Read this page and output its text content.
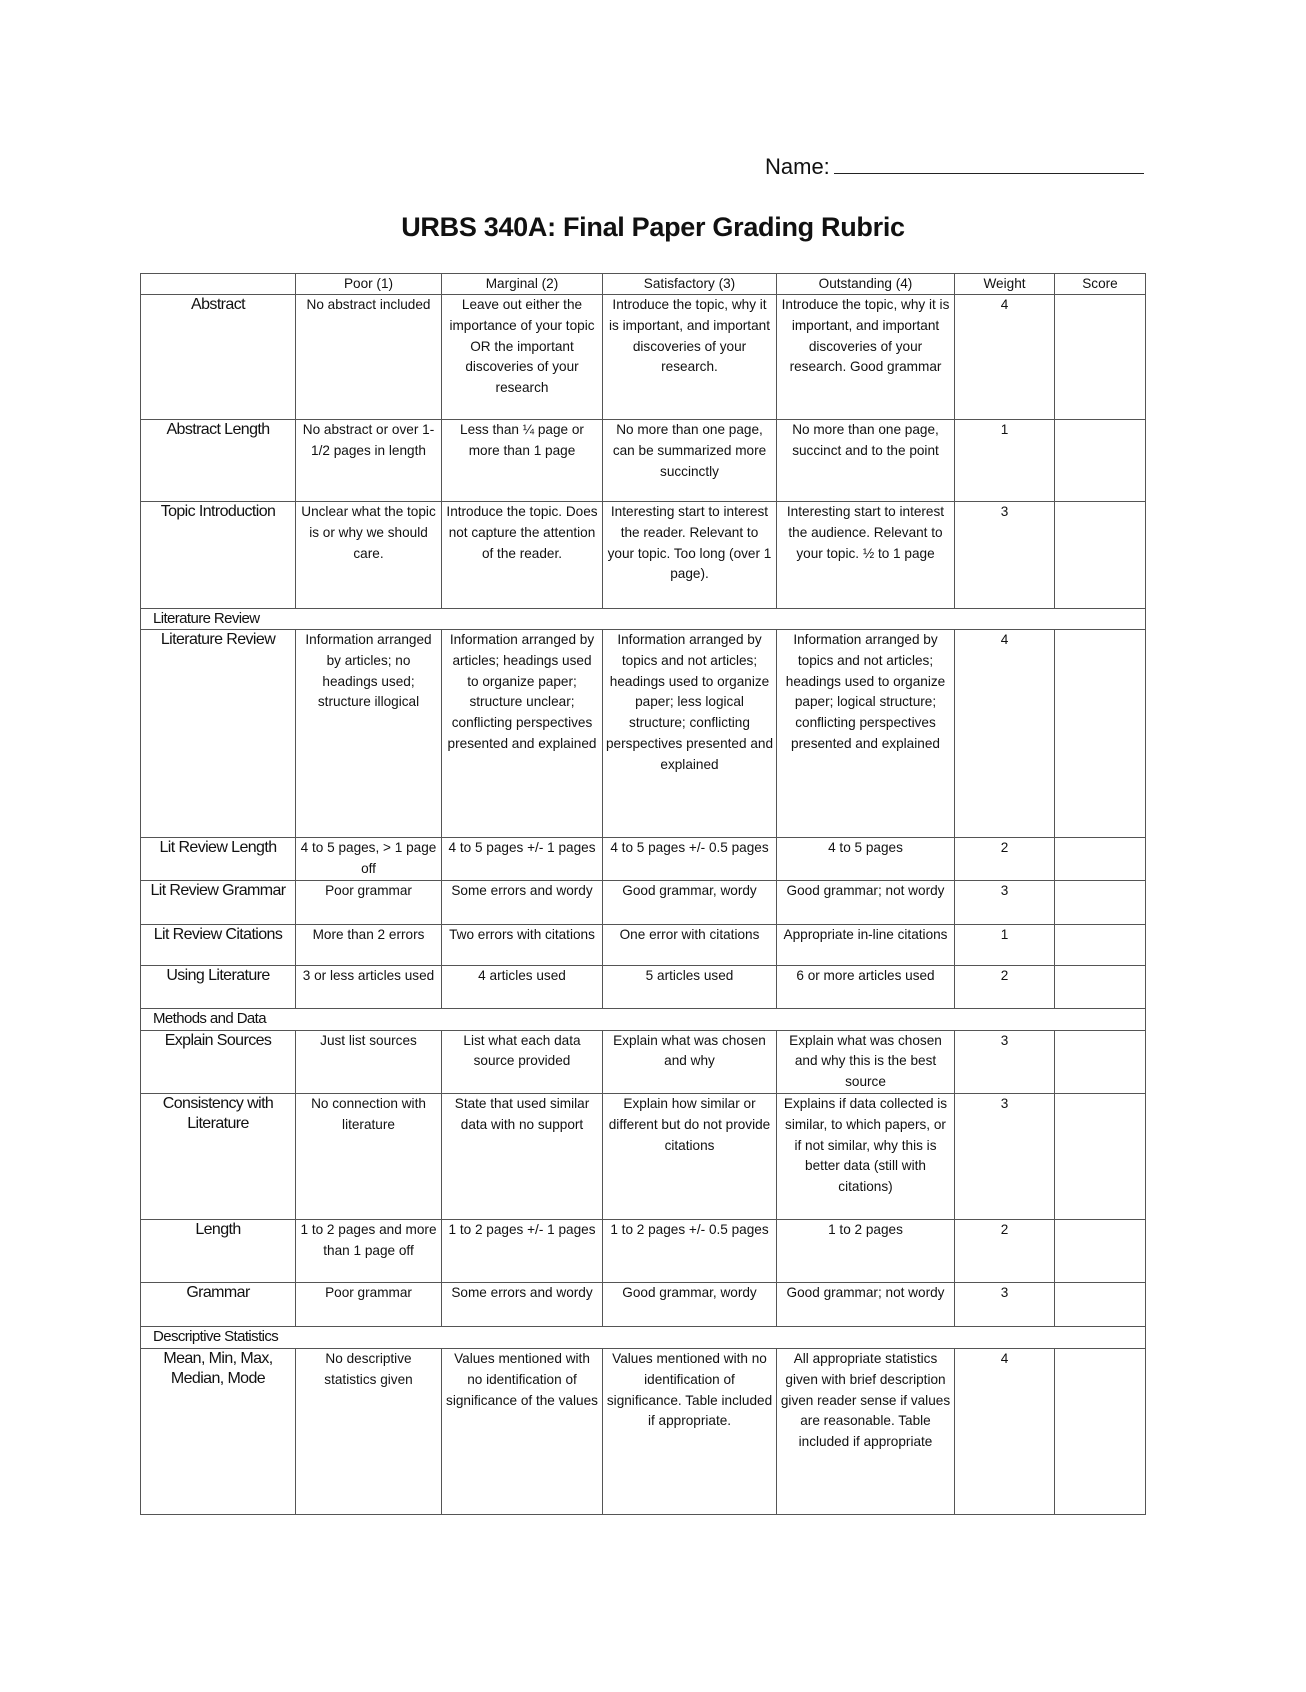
Name:
URBS 340A: Final Paper Grading Rubric
	Poor (1)	Marginal (2)	Satisfactory (3)	Outstanding (4)	Weight	Score
Abstract	No abstract included	Leave out either the importance of your topic OR the important discoveries of your research	Introduce the topic, why it is important, and important discoveries of your research.	Introduce the topic, why it is important, and important discoveries of your research. Good grammar	4	
Abstract Length	No abstract or over 1-1/2 pages in length	Less than ¼ page or more than 1 page	No more than one page, can be summarized more succinctly	No more than one page, succinct and to the point	1	
Topic Introduction	Unclear what the topic is or why we should care.	Introduce the topic. Does not capture the attention of the reader.	Interesting start to interest the reader. Relevant to your topic. Too long (over 1 page).	Interesting start to interest the audience. Relevant to your topic. ½ to 1 page	3	
Literature Review						
Literature Review	Information arranged by articles; no headings used; structure illogical	Information arranged by articles; headings used to organize paper; structure unclear; conflicting perspectives presented and explained	Information arranged by topics and not articles; headings used to organize paper; less logical structure; conflicting perspectives presented and explained	Information arranged by topics and not articles; headings used to organize paper; logical structure; conflicting perspectives presented and explained	4	
Lit Review Length	4 to 5 pages, > 1 page off	4 to 5 pages +/- 1 pages	4 to 5 pages +/- 0.5 pages	4 to 5 pages	2	
Lit Review Grammar	Poor grammar	Some errors and wordy	Good grammar, wordy	Good grammar; not wordy	3	
Lit Review Citations	More than 2 errors	Two errors with citations	One error with citations	Appropriate in-line citations	1	
Using Literature	3 or less articles used	4 articles used	5 articles used	6 or more articles used	2	
Methods and Data						
Explain Sources	Just list sources	List what each data source provided	Explain what was chosen and why	Explain what was chosen and why this is the best source	3	
Consistency with Literature	No connection with literature	State that used similar data with no support	Explain how similar or different but do not provide citations	Explains if data collected is similar, to which papers, or if not similar, why this is better data (still with citations)	3	
Length	1 to 2 pages and more than 1 page off	1 to 2 pages +/- 1 pages	1 to 2 pages +/- 0.5 pages	1 to 2 pages	2	
Grammar	Poor grammar	Some errors and wordy	Good grammar, wordy	Good grammar; not wordy	3	
Descriptive Statistics						
Mean, Min, Max, Median, Mode	No descriptive statistics given	Values mentioned with no identification of significance of the values	Values mentioned with no identification of significance. Table included if appropriate.	All appropriate statistics given with brief description given reader sense if values are reasonable. Table included if appropriate	4	
